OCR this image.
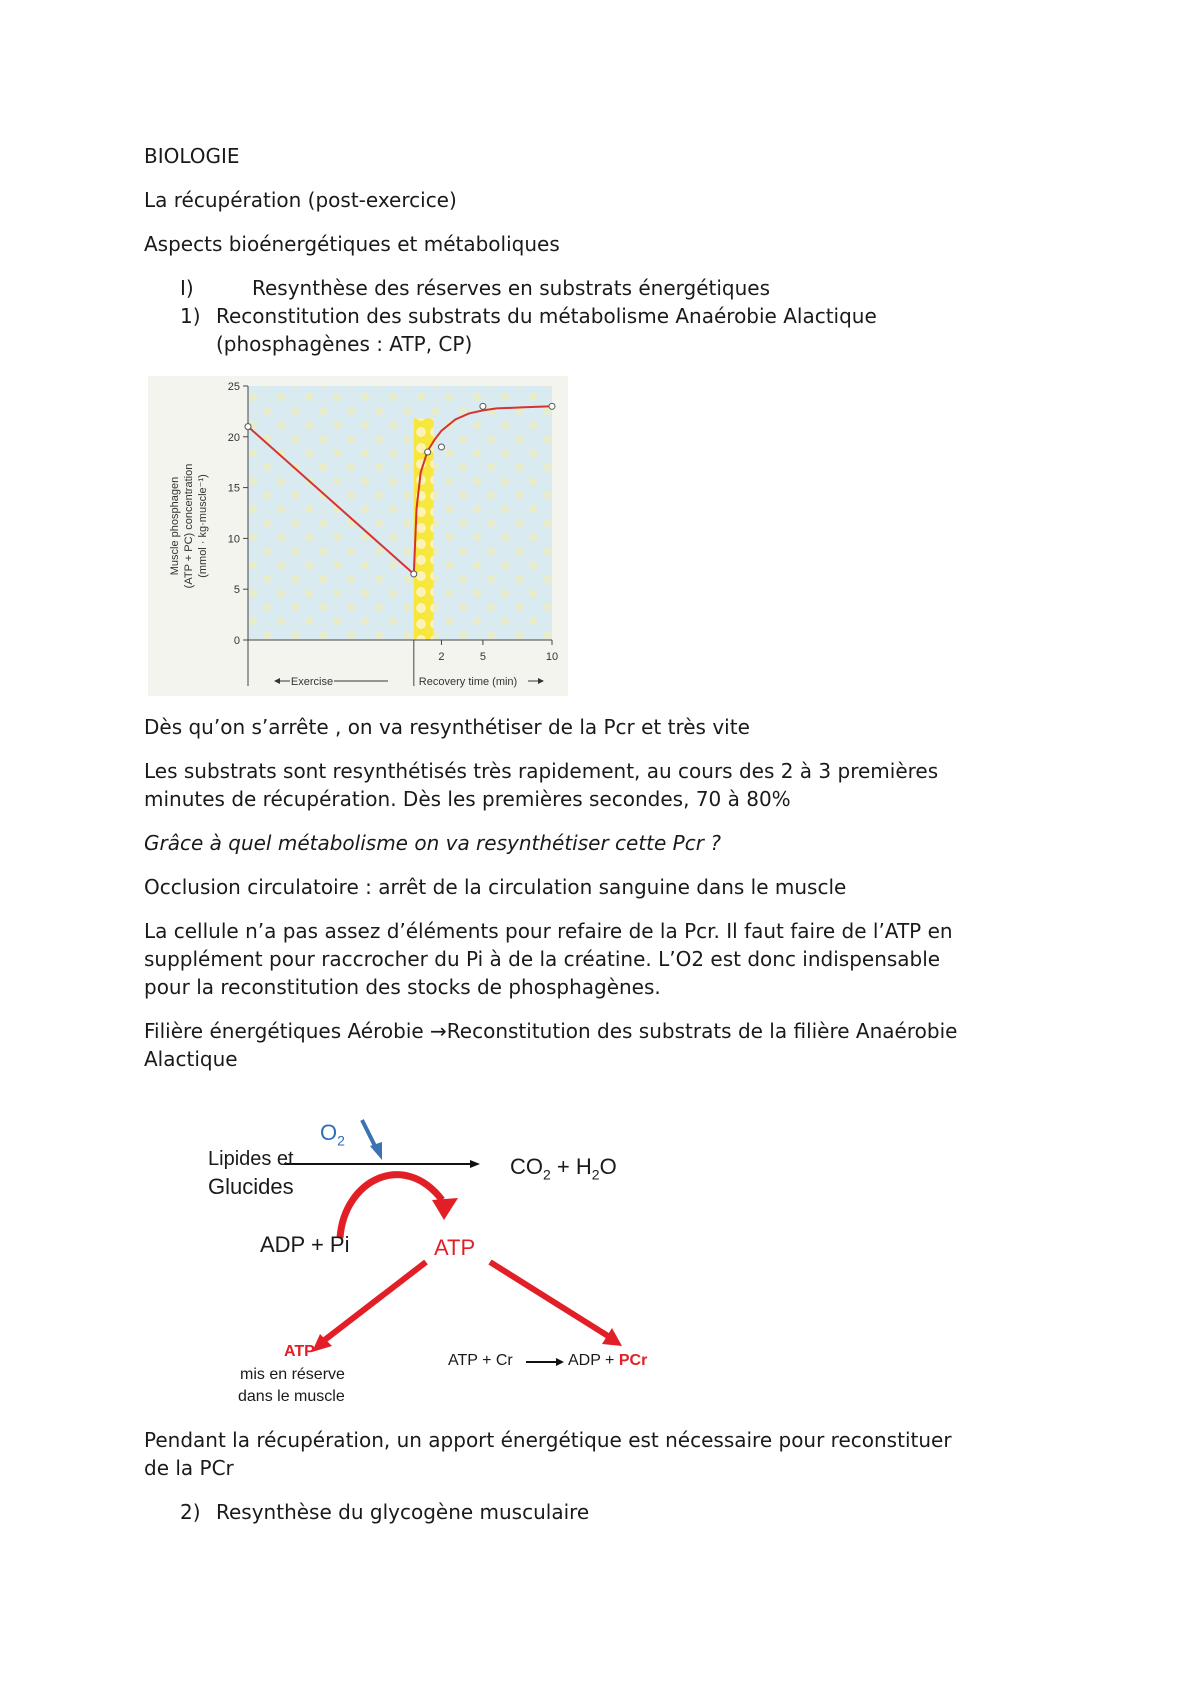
BIOLOGIE

La récupération (post-exercice)

Aspects bioénergétiques et métaboliques

I)	Resynthèse des réserves en substrats énergétiques
1) Reconstitution des substrats du métabolisme Anaérobie Alactique
(phosphagènes : ATP, CP)
0
5
10
15
20
25
2	5	10
Muscle phosphagen (ATP + PC) concentration (mmol · kg·muscle⁻¹)
Exercise	Recovery time (min)

Dès qu’on s’arrête , on va resynthétiser de la Pcr et très vite

Les substrats sont resynthétisés très rapidement, au cours des 2 à 3 premières

minutes de récupération. Dès les premières secondes, 70 à 80%

Grâce à quel métabolisme on va resynthétiser cette Pcr ?

Occlusion circulatoire : arrêt de la circulation sanguine dans le muscle

La cellule n’a pas assez d’éléments pour refaire de la Pcr. Il faut faire de l’ATP en

supplément pour raccrocher du Pi à de la créatine. L’O2 est donc indispensable

pour la reconstitution des stocks de phosphagènes.

Filière énergétiques Aérobie →Reconstitution des substrats de la filière Anaérobie

Alactique

$O_2$
Lipides et
Glucides
$CO_2 + H_2O$
ADP + Pi	ATP
ATP
mis en réserve
dans le muscle
ATP + Cr	ADP + PCr

Pendant la récupération, un apport énergétique est nécessaire pour reconstituer

de la PCr

2) Resynthèse du glycogène musculaire
